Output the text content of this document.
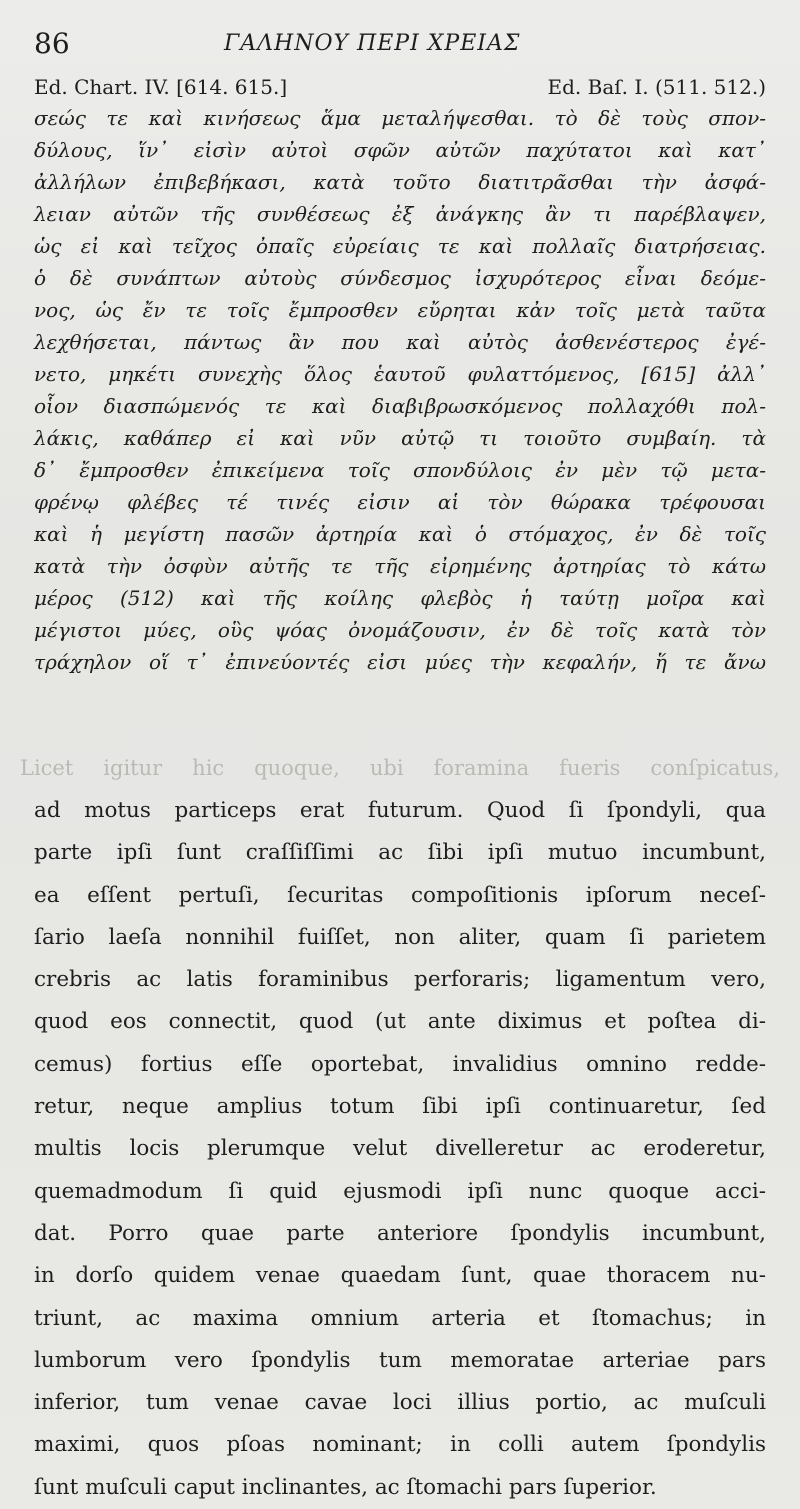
86	ΓΑΛΗΝΟΥ ΠΕΡΙ ΧΡΕΙΑΣ
Ed. Chart. IV. [614. 615.]	Ed. Baſ. I. (511. 512.)
σεώς τε καὶ κινήσεως ἅμα μεταλήψεσθαι. τὸ δὲ τοὺς σπον-
δύλους, ἵν᾽ εἰσὶν αὐτοὶ σφῶν αὐτῶν παχύτατοι καὶ κατ᾽
ἀλλήλων ἐπιβεβήκασι, κατὰ τοῦτο διατιτρᾶσθαι τὴν ἀσφά-
λειαν αὐτῶν τῆς συνθέσεως ἐξ ἀνάγκης ἂν τι παρέβλαψεν,
ὡς εἰ καὶ τεῖχος ὀπαῖς εὐρείαις τε καὶ πολλαῖς διατρήσειας.
ὁ δὲ συνάπτων αὐτοὺς σύνδεσμος ἰσχυρότερος εἶναι δεόμε-
νος, ὡς ἔν τε τοῖς ἔμπροσθεν εὔρηται κἀν τοῖς μετὰ ταῦτα
λεχθήσεται, πάντως ἂν που καὶ αὐτὸς ἀσθενέστερος ἐγέ-
νετο, μηκέτι συνεχὴς ὅλος ἑαυτοῦ φυλαττόμενος, [615] ἀλλ᾽
οἷον διασπώμενός τε καὶ διαβιβρωσκόμενος πολλαχόθι πολ-
λάκις, καθάπερ εἰ καὶ νῦν αὐτῷ τι τοιοῦτο συμβαίη. τὰ
δ᾽ ἔμπροσθεν ἐπικείμενα τοῖς σπονδύλοις ἐν μὲν τῷ μετα-
φρένῳ φλέβες τέ τινές εἰσιν αἱ τὸν θώρακα τρέφουσαι
καὶ ἡ μεγίστη πασῶν ἀρτηρία καὶ ὁ στόμαχος, ἐν δὲ τοῖς
κατὰ τὴν ὀσφὺν αὐτῆς τε τῆς εἰρημένης ἀρτηρίας τὸ κάτω
μέρος (512) καὶ τῆς κοίλης φλεβὸς ἡ ταύτῃ μοῖρα καὶ
μέγιστοι μύες, οὓς ψόας ὀνομάζουσιν, ἐν δὲ τοῖς κατὰ τὸν
τράχηλον οἵ τ᾽ ἐπινεύοντές εἰσι μύες τὴν κεφαλήν, ἥ τε ἄνω
Licet igitur hic quoque, ubi foramina fueris conſpicatus,
ad motus particeps erat futurum. Quod ſi ſpondyli, qua
parte ipſi ſunt craſſiſſimi ac ſibi ipſi mutuo incumbunt,
ea eſſent pertuſi, ſecuritas compoſitionis ipſorum neceſ-
ſario laeſa nonnihil fuiſſet, non aliter, quam ſi parietem
crebris ac latis foraminibus perforaris; ligamentum vero,
quod eos connectit, quod (ut ante diximus et poſtea di-
cemus) fortius eſſe oportebat, invalidius omnino redde-
retur, neque amplius totum ſibi ipſi continuaretur, ſed
multis locis plerumque velut divelleretur ac eroderetur,
quemadmodum ſi quid ejusmodi ipſi nunc quoque acci-
dat. Porro quae parte anteriore ſpondylis incumbunt,
in dorſo quidem venae quaedam ſunt, quae thoracem nu-
triunt, ac maxima omnium arteria et ſtomachus; in
lumborum vero ſpondylis tum memoratae arteriae pars
inferior, tum venae cavae loci illius portio, ac muſculi
maximi, quos pſoas nominant; in colli autem ſpondylis
ſunt muſculi caput inclinantes, ac ſtomachi pars ſuperior.
